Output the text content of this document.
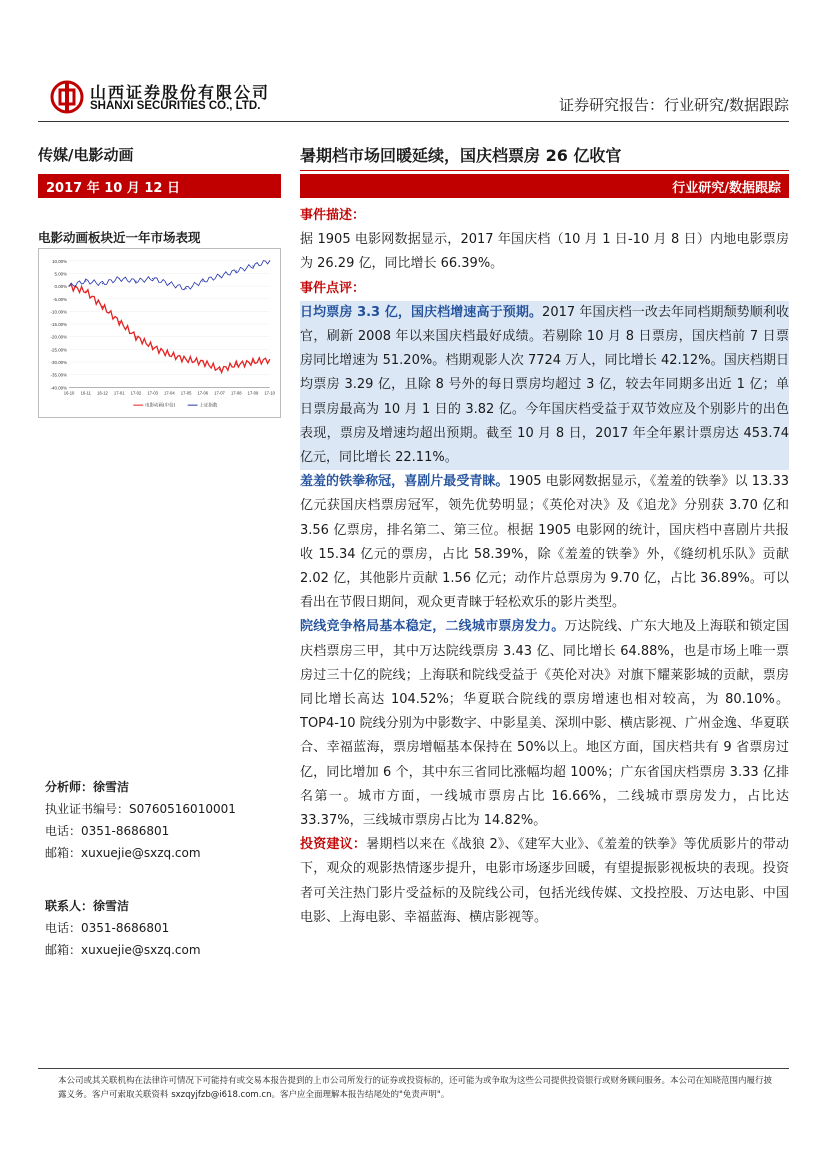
山西证券股份有限公司
SHANXI SECURITIES CO., LTD.	证券研究报告：行业研究/数据跟踪
传媒/电影动画
2017 年 10 月 12 日
电影动画板块近一年市场表现
10.00%
5.00%
0.00%
-5.00%
-10.00%
-15.00%
-20.00%
-25.00%
-30.00%
-35.00%
-40.00%
16-10 16-11 16-12 17-01 17-02 17-03 17-04 17-05 17-06 17-07 17-08 17-09 17-10
电影动画(中信)	上证指数
分析师：徐雪洁
执业证书编号：S0760516010001
电话：0351-8686801
邮箱：xuxuejie@sxzq.com
联系人：徐雪洁
电话：0351-8686801
邮箱：xuxuejie@sxzq.com
暑期档市场回暖延续，国庆档票房 26 亿收官
行业研究/数据跟踪
事件描述：
据 1905 电影网数据显示，2017 年国庆档（10 月 1 日-10 月 8 日）内地电影票房为 26.29 亿，同比增长 66.39%。
事件点评：
日均票房 3.3 亿，国庆档增速高于预期。2017 年国庆档一改去年同档期颓势顺利收官，刷新 2008 年以来国庆档最好成绩。若剔除 10 月 8 日票房，国庆档前 7 日票房同比增速为 51.20%。档期观影人次 7724 万人，同比增长 42.12%。国庆档期日均票房 3.29 亿，且除 8 号外的每日票房均超过 3 亿，较去年同期多出近 1 亿；单日票房最高为 10 月 1 日的 3.82 亿。今年国庆档受益于双节效应及个别影片的出色表现，票房及增速均超出预期。截至 10 月 8 日，2017 年全年累计票房达 453.74 亿元，同比增长 22.11%。
羞羞的铁拳称冠，喜剧片最受青睐。1905 电影网数据显示，《羞羞的铁拳》以 13.33 亿元获国庆档票房冠军，领先优势明显；《英伦对决》及《追龙》分别获 3.70 亿和 3.56 亿票房，排名第二、第三位。根据 1905 电影网的统计，国庆档中喜剧片共报收 15.34 亿元的票房，占比 58.39%，除《羞羞的铁拳》外，《缝纫机乐队》贡献 2.02 亿，其他影片贡献 1.56 亿元；动作片总票房为 9.70 亿，占比 36.89%。可以看出在节假日期间，观众更青睐于轻松欢乐的影片类型。
院线竞争格局基本稳定，二线城市票房发力。万达院线、广东大地及上海联和锁定国庆档票房三甲，其中万达院线票房 3.43 亿、同比增长 64.88%，也是市场上唯一票房过三十亿的院线；上海联和院线受益于《英伦对决》对旗下耀莱影城的贡献，票房同比增长高达 104.52%；华夏联合院线的票房增速也相对较高，为 80.10%。TOP4-10 院线分别为中影数字、中影星美、深圳中影、横店影视、广州金逸、华夏联合、幸福蓝海，票房增幅基本保持在 50%以上。地区方面，国庆档共有 9 省票房过亿，同比增加 6 个，其中东三省同比涨幅均超 100%；广东省国庆档票房 3.33 亿排名第一。城市方面，一线城市票房占比 16.66%，二线城市票房发力，占比达 33.37%，三线城市票房占比为 14.82%。
投资建议：暑期档以来在《战狼 2》、《建军大业》、《羞羞的铁拳》等优质影片的带动下，观众的观影热情逐步提升，电影市场逐步回暖，有望提振影视板块的表现。投资者可关注热门影片受益标的及院线公司，包括光线传媒、文投控股、万达电影、中国电影、上海电影、幸福蓝海、横店影视等。
本公司或其关联机构在法律许可情况下可能持有或交易本报告提到的上市公司所发行的证券或投资标的，还可能为或争取为这些公司提供投资银行或财务顾问服务。本公司在知晓范围内履行披露义务。客户可索取关联资料 sxzqyjfzb@i618.com.cn。客户应全面理解本报告结尾处的"免责声明"。
